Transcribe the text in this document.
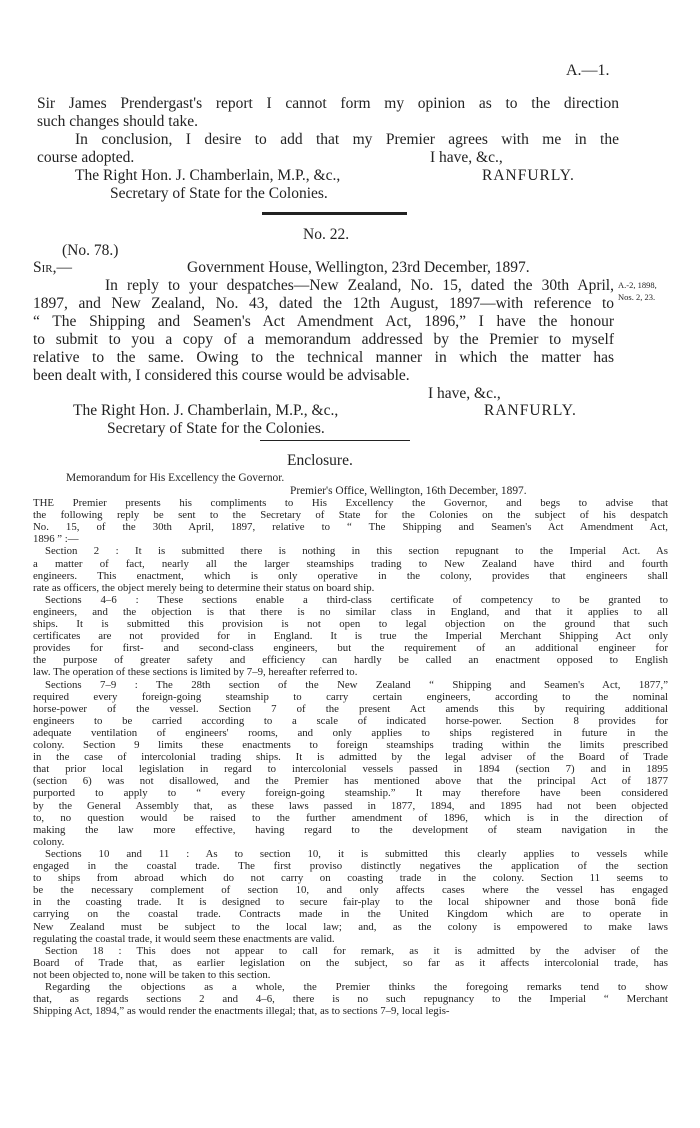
A.—1.
Sir James Prendergast's report I cannot form my opinion as to the direction
such changes should take.
In conclusion, I desire to add that my Premier agrees with me in the
course adopted.	I have, &c.,
The Right Hon. J. Chamberlain, M.P., &c.,	RANFURLY.
Secretary of State for the Colonies.
No. 22.
(No. 78.)
Sir,—	Government House, Wellington, 23rd December, 1897.
In reply to your despatches—New Zealand, No. 15, dated the 30th April,
1897, and New Zealand, No. 43, dated the 12th August, 1897—with reference to
“ The Shipping and Seamen's Act Amendment Act, 1896,” I have the honour
to submit to you a copy of a memorandum addressed by the Premier to myself
relative to the same. Owing to the technical manner in which the matter has
been dealt with, I considered this course would be advisable.
A.-2, 1898,
Nos. 2, 23.
I have, &c.,
The Right Hon. J. Chamberlain, M.P., &c.,	RANFURLY.
Secretary of State for the Colonies.
Enclosure.
Memorandum for His Excellency the Governor.
Premier's Office, Wellington, 16th December, 1897.
THE Premier presents his compliments to His Excellency the Governor, and begs to advise that
the following reply be sent to the Secretary of State for the Colonies on the subject of his despatch
No. 15, of the 30th April, 1897, relative to “ The Shipping and Seamen's Act Amendment Act,
1896 ” :—
Section 2 : It is submitted there is nothing in this section repugnant to the Imperial Act. As
a matter of fact, nearly all the larger steamships trading to New Zealand have third and fourth
engineers. This enactment, which is only operative in the colony, provides that engineers shall
rate as officers, the object merely being to determine their status on board ship.
Sections 4–6 : These sections enable a third-class certificate of competency to be granted to
engineers, and the objection is that there is no similar class in England, and that it applies to all
ships. It is submitted this provision is not open to legal objection on the ground that such
certificates are not provided for in England. It is true the Imperial Merchant Shipping Act only
provides for first- and second-class engineers, but the requirement of an additional engineer for
the purpose of greater safety and efficiency can hardly be called an enactment opposed to English
law. The operation of these sections is limited by 7–9, hereafter referred to.
Sections 7–9 : The 28th section of the New Zealand “ Shipping and Seamen's Act, 1877,”
required every foreign-going steamship to carry certain engineers, according to the nominal
horse-power of the vessel. Section 7 of the present Act amends this by requiring additional
engineers to be carried according to a scale of indicated horse-power. Section 8 provides for
adequate ventilation of engineers' rooms, and only applies to ships registered in future in the
colony. Section 9 limits these enactments to foreign steamships trading within the limits prescribed
in the case of intercolonial trading ships. It is admitted by the legal adviser of the Board of Trade
that prior local legislation in regard to intercolonial vessels passed in 1894 (section 7) and in 1895
(section 6) was not disallowed, and the Premier has mentioned above that the principal Act of 1877
purported to apply to “ every foreign-going steamship.” It may therefore have been considered
by the General Assembly that, as these laws passed in 1877, 1894, and 1895 had not been objected
to, no question would be raised to the further amendment of 1896, which is in the direction of
making the law more effective, having regard to the development of steam navigation in the
colony.
Sections 10 and 11 : As to section 10, it is submitted this clearly applies to vessels while
engaged in the coastal trade. The first proviso distinctly negatives the application of the section
to ships from abroad which do not carry on coasting trade in the colony. Section 11 seems to
be the necessary complement of section 10, and only affects cases where the vessel has engaged
in the coasting trade. It is designed to secure fair-play to the local shipowner and those bonâ fide
carrying on the coastal trade. Contracts made in the United Kingdom which are to operate in
New Zealand must be subject to the local law; and, as the colony is empowered to make laws
regulating the coastal trade, it would seem these enactments are valid.
Section 18 : This does not appear to call for remark, as it is admitted by the adviser of the
Board of Trade that, as earlier legislation on the subject, so far as it affects intercolonial trade, has
not been objected to, none will be taken to this section.
Regarding the objections as a whole, the Premier thinks the foregoing remarks tend to show
that, as regards sections 2 and 4–6, there is no such repugnancy to the Imperial “ Merchant
Shipping Act, 1894,” as would render the enactments illegal; that, as to sections 7–9, local legis-
